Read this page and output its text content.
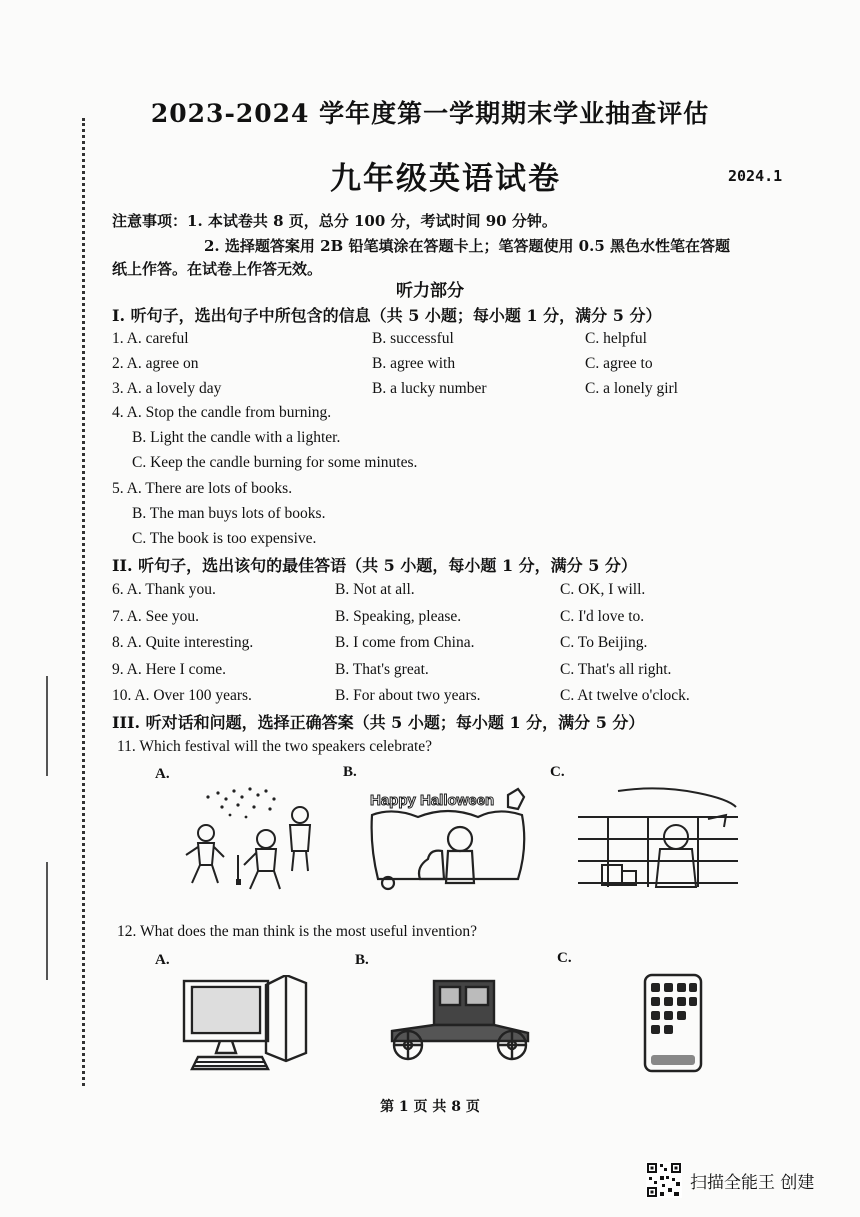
2023-2024 学年度第一学期期末学业抽查评估
九年级英语试卷	2024.1
注意事项：1. 本试卷共 8 页，总分 100 分，考试时间 90 分钟。
2. 选择题答案用 2B 铅笔填涂在答题卡上；笔答题使用 0.5 黑色水性笔在答题
纸上作答。在试卷上作答无效。
听力部分
I. 听句子，选出句子中所包含的信息（共 5 小题；每小题 1 分，满分 5 分）
1. A. careful	B. successful	C. helpful
2. A. agree on	B. agree with	C. agree to
3. A. a lovely day	B. a lucky number	C. a lonely girl
4. A. Stop the candle from burning.
B. Light the candle with a lighter.
C. Keep the candle burning for some minutes.
5. A. There are lots of books.
B. The man buys lots of books.
C. The book is too expensive.
II. 听句子，选出该句的最佳答语（共 5 小题，每小题 1 分，满分 5 分）
6. A. Thank you.	B. Not at all.	C. OK, I will.
7. A. See you.	B. Speaking, please.	C. I'd love to.
8. A. Quite interesting.	B. I come from China.	C. To Beijing.
9. A. Here I come.	B. That's great.	C. That's all right.
10. A. Over 100 years.	B. For about two years.	C. At twelve o'clock.
III. 听对话和问题，选择正确答案（共 5 小题；每小题 1 分，满分 5 分）
11. Which festival will the two speakers celebrate?
A.	B.	C.
Happy Halloween
12. What does the man think is the most useful invention?
A.	B.	C.
第 1 页 共 8 页
扫描全能王 创建
